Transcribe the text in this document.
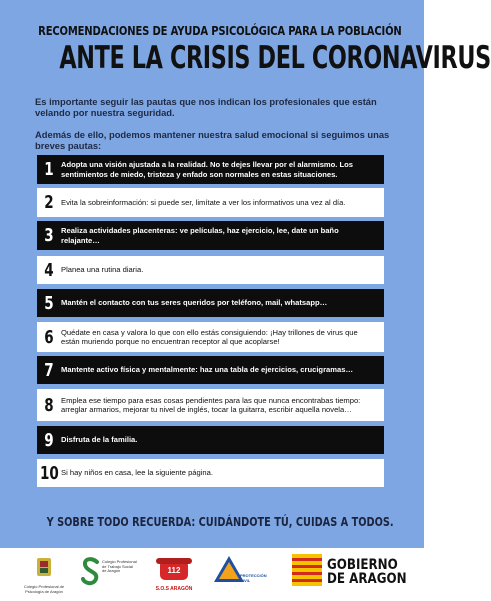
RECOMENDACIONES DE AYUDA PSICOLÓGICA PARA LA POBLACIÓN
ANTE LA CRISIS DEL CORONAVIRUS
Es importante seguir las pautas que nos indican los profesionales que están velando por nuestra seguridad.
Además de ello, podemos mantener nuestra salud emocional si seguimos unas breves pautas:
1 Adopta una visión ajustada a la realidad. No te dejes llevar por el alarmismo. Los sentimientos de miedo, tristeza y enfado son normales en estas situaciones.
2 Evita la sobreinformación: si puede ser, limítate a ver los informativos una vez al día.
3 Realiza actividades placenteras: ve películas, haz ejercicio, lee, date un baño relajante…
4 Planea una rutina diaria.
5 Mantén el contacto con tus seres queridos por teléfono, mail, whatsapp…
6 Quédate en casa y valora lo que con ello estás consiguiendo: ¡Hay trillones de virus que están muriendo porque no encuentran receptor al que acoplarse!
7 Mantente activo física y mentalmente: haz una tabla de ejercicios, crucigramas…
8 Emplea ese tiempo para esas cosas pendientes para las que nunca encontrabas tiempo: arreglar armarios, mejorar tu nivel de inglés, tocar la guitarra, escribir aquella novela…
9 Disfruta de la familia.
10 Si hay niños en casa, lee la siguiente página.
Y SOBRE TODO RECUERDA: CUIDÁNDOTE TÚ, CUIDAS A TODOS.
Colegio Profesional de Psicología de Aragón
Colegio Profesional de Trabajo Social de Aragón	112
S.O.S ARAGÓN
PROTECCIÓN CIVIL
GOBIERNO
DE ARAGON
